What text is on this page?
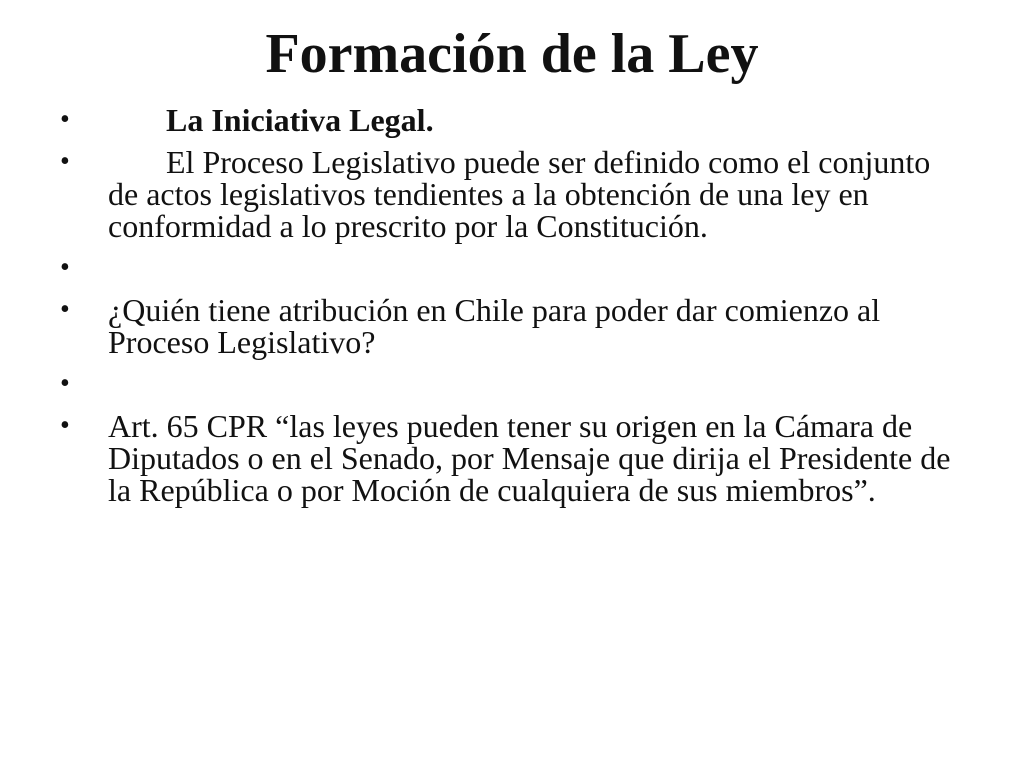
Formación de la Ley
•	La Iniciativa Legal.
•	El Proceso Legislativo puede ser definido como el conjunto de actos legislativos tendientes a la obtención de una ley en conformidad a lo prescrito por la Constitución.
•
•	¿Quién tiene atribución en Chile para poder dar comienzo al Proceso Legislativo?
•
•	Art. 65 CPR “las leyes pueden tener su origen en la Cámara de Diputados o en el Senado, por Mensaje que dirija el Presidente de la República o por Moción de cualquiera de sus miembros”.
